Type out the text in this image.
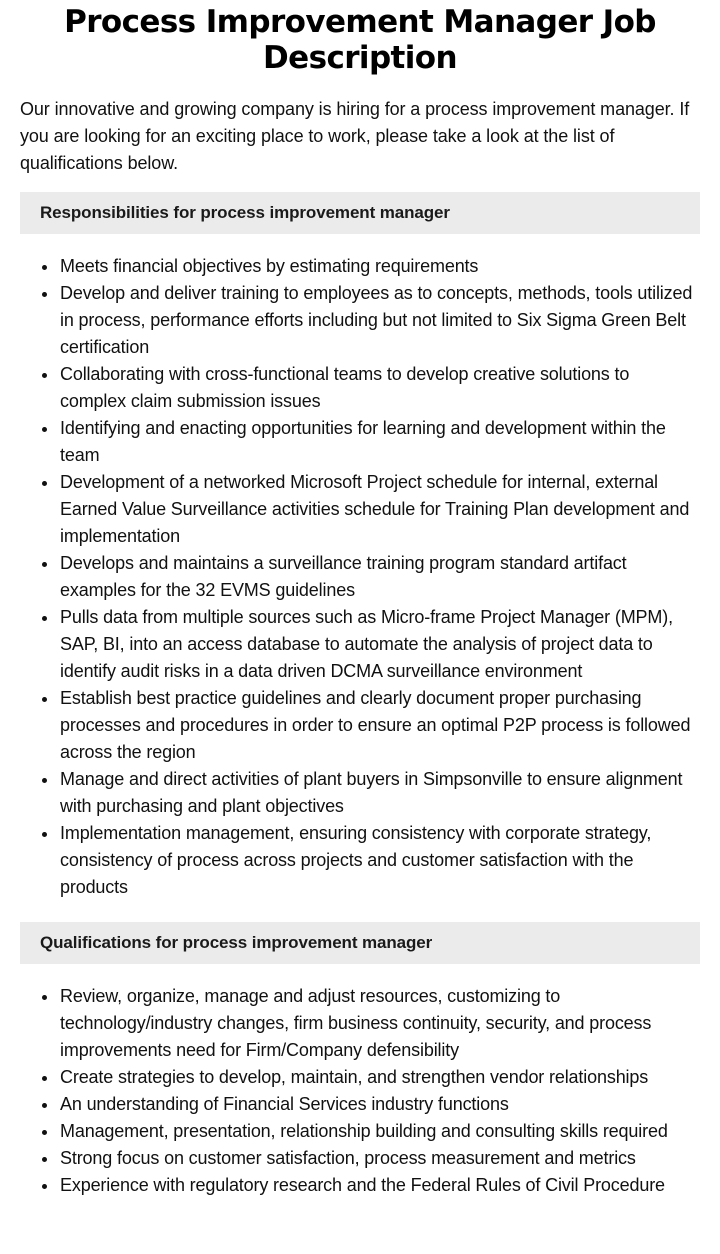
Process Improvement Manager Job Description

Our innovative and growing company is hiring for a process improvement manager. If you are looking for an exciting place to work, please take a look at the list of qualifications below.

Responsibilities for process improvement manager
Meets financial objectives by estimating requirements
Develop and deliver training to employees as to concepts, methods, tools utilized in process, performance efforts including but not limited to Six Sigma Green Belt certification
Collaborating with cross-functional teams to develop creative solutions to complex claim submission issues
Identifying and enacting opportunities for learning and development within the team
Development of a networked Microsoft Project schedule for internal, external Earned Value Surveillance activities schedule for Training Plan development and implementation
Develops and maintains a surveillance training program standard artifact examples for the 32 EVMS guidelines
Pulls data from multiple sources such as Micro-frame Project Manager (MPM), SAP, BI, into an access database to automate the analysis of project data to identify audit risks in a data driven DCMA surveillance environment
Establish best practice guidelines and clearly document proper purchasing processes and procedures in order to ensure an optimal P2P process is followed across the region
Manage and direct activities of plant buyers in Simpsonville to ensure alignment with purchasing and plant objectives
Implementation management, ensuring consistency with corporate strategy, consistency of process across projects and customer satisfaction with the products
Qualifications for process improvement manager
Review, organize, manage and adjust resources, customizing to technology/industry changes, firm business continuity, security, and process improvements need for Firm/Company defensibility
Create strategies to develop, maintain, and strengthen vendor relationships
An understanding of Financial Services industry functions
Management, presentation, relationship building and consulting skills required
Strong focus on customer satisfaction, process measurement and metrics
Experience with regulatory research and the Federal Rules of Civil Procedure
